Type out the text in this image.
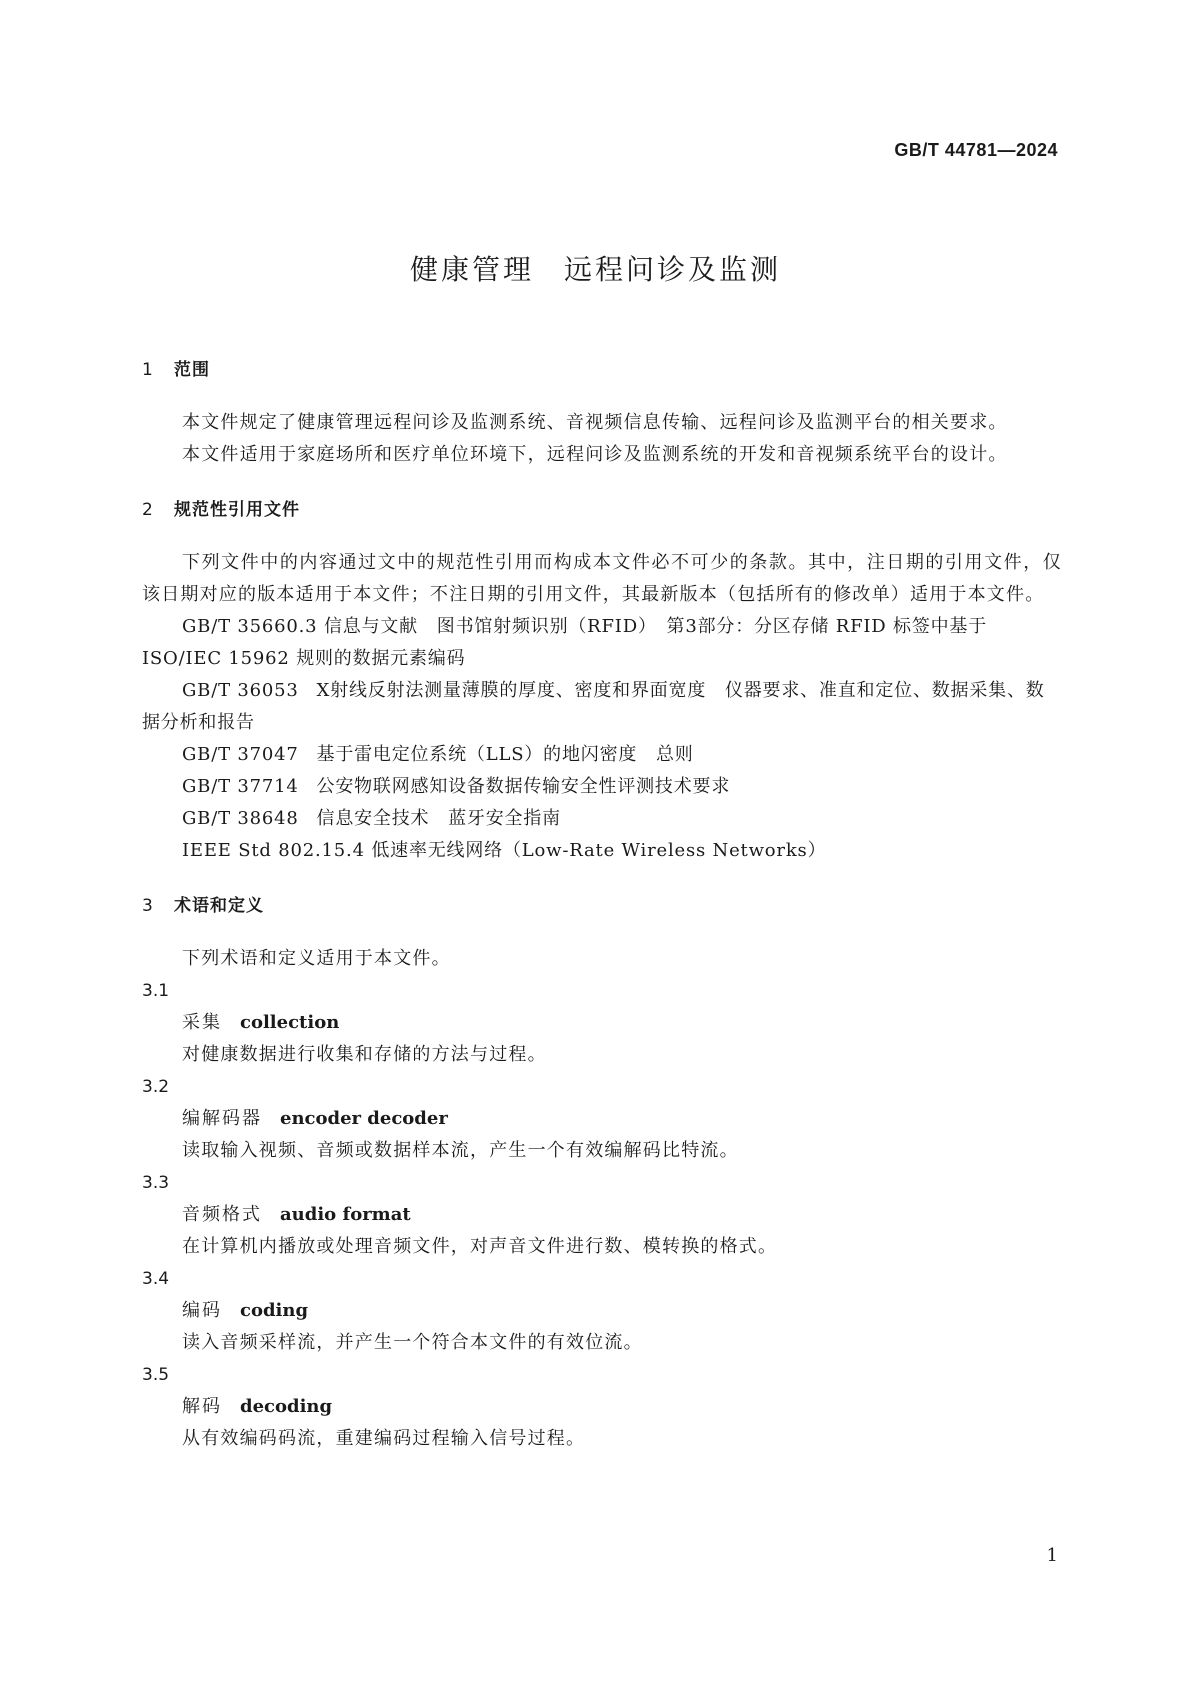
GB/T 44781—2024
健康管理 远程问诊及监测
1 范围

本文件规定了健康管理远程问诊及监测系统、音视频信息传输、远程问诊及监测平台的相关要求。

本文件适用于家庭场所和医疗单位环境下，远程问诊及监测系统的开发和音视频系统平台的设计。

2 规范性引用文件

下列文件中的内容通过文中的规范性引用而构成本文件必不可少的条款。其中，注日期的引用文件，仅该日期对应的版本适用于本文件；不注日期的引用文件，其最新版本（包括所有的修改单）适用于本文件。

GB/T 35660.3 信息与文献　图书馆射频识别（RFID）　第3部分：分区存储 RFID 标签中基于 ISO/IEC 15962 规则的数据元素编码
GB/T 36053 X射线反射法测量薄膜的厚度、密度和界面宽度　仪器要求、准直和定位、数据采集、数据分析和报告
GB/T 37047 基于雷电定位系统（LLS）的地闪密度　总则
GB/T 37714 公安物联网感知设备数据传输安全性评测技术要求
GB/T 38648 信息安全技术　蓝牙安全指南
IEEE Std 802.15.4 低速率无线网络（Low-Rate Wireless Networks）
3 术语和定义

下列术语和定义适用于本文件。

3.1
采集 collection
对健康数据进行收集和存储的方法与过程。
3.2
编解码器 encoder decoder
读取输入视频、音频或数据样本流，产生一个有效编解码比特流。
3.3
音频格式 audio format
在计算机内播放或处理音频文件，对声音文件进行数、模转换的格式。
3.4
编码 coding
读入音频采样流，并产生一个符合本文件的有效位流。
3.5
解码 decoding
从有效编码码流，重建编码过程输入信号过程。
1
